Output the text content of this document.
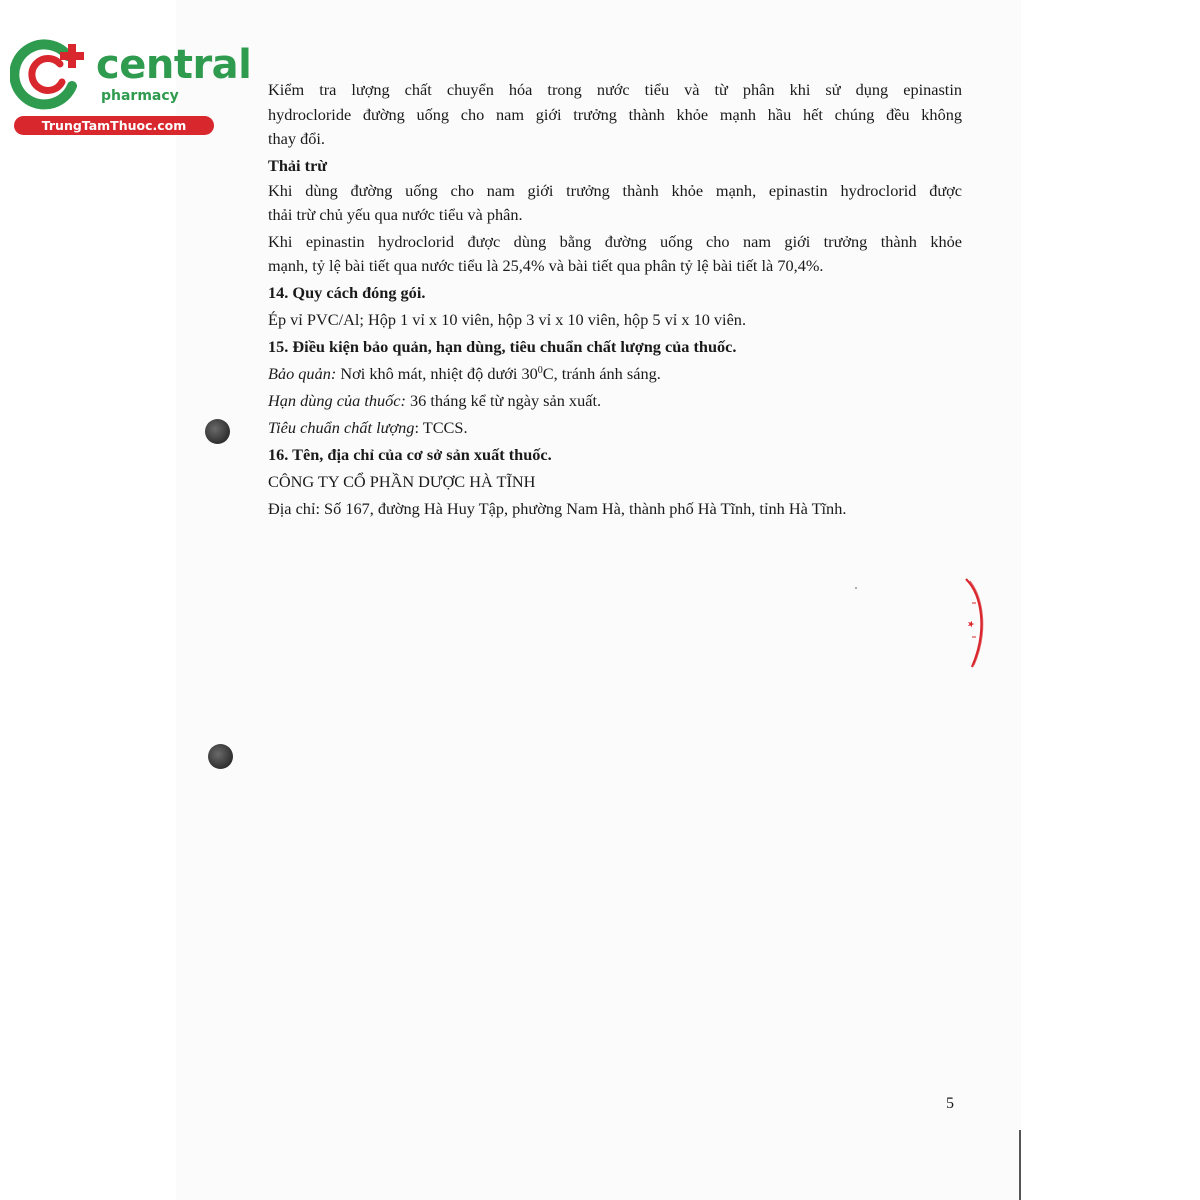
central
pharmacy
TrungTamThuoc.com

Kiểm tra lượng chất chuyển hóa trong nước tiểu và từ phân khi sử dụng epinastin

hydrocloride đường uống cho nam giới trưởng thành khỏe mạnh hầu hết chúng đều không

thay đổi.

Thải trừ

Khi dùng đường uống cho nam giới trưởng thành khỏe mạnh, epinastin hydroclorid được

thải trừ chủ yếu qua nước tiểu và phân.

Khi epinastin hydroclorid được dùng bằng đường uống cho nam giới trưởng thành khỏe

mạnh, tỷ lệ bài tiết qua nước tiểu là 25,4% và bài tiết qua phân tỷ lệ bài tiết là 70,4%.

14. Quy cách đóng gói.

Ép vỉ PVC/Al; Hộp 1 vỉ x 10 viên, hộp 3 vỉ x 10 viên, hộp 5 vỉ x 10 viên.

15. Điều kiện bảo quản, hạn dùng, tiêu chuẩn chất lượng của thuốc.

Bảo quản: Nơi khô mát, nhiệt độ dưới $30^0C$, tránh ánh sáng.

Hạn dùng của thuốc: 36 tháng kể từ ngày sản xuất.

Tiêu chuẩn chất lượng: TCCS.

16. Tên, địa chỉ của cơ sở sản xuất thuốc.

CÔNG TY CỔ PHẦN DƯỢC HÀ TĨNH

Địa chỉ: Số 167, đường Hà Huy Tập, phường Nam Hà, thành phố Hà Tĩnh, tỉnh Hà Tĩnh.

★
5
